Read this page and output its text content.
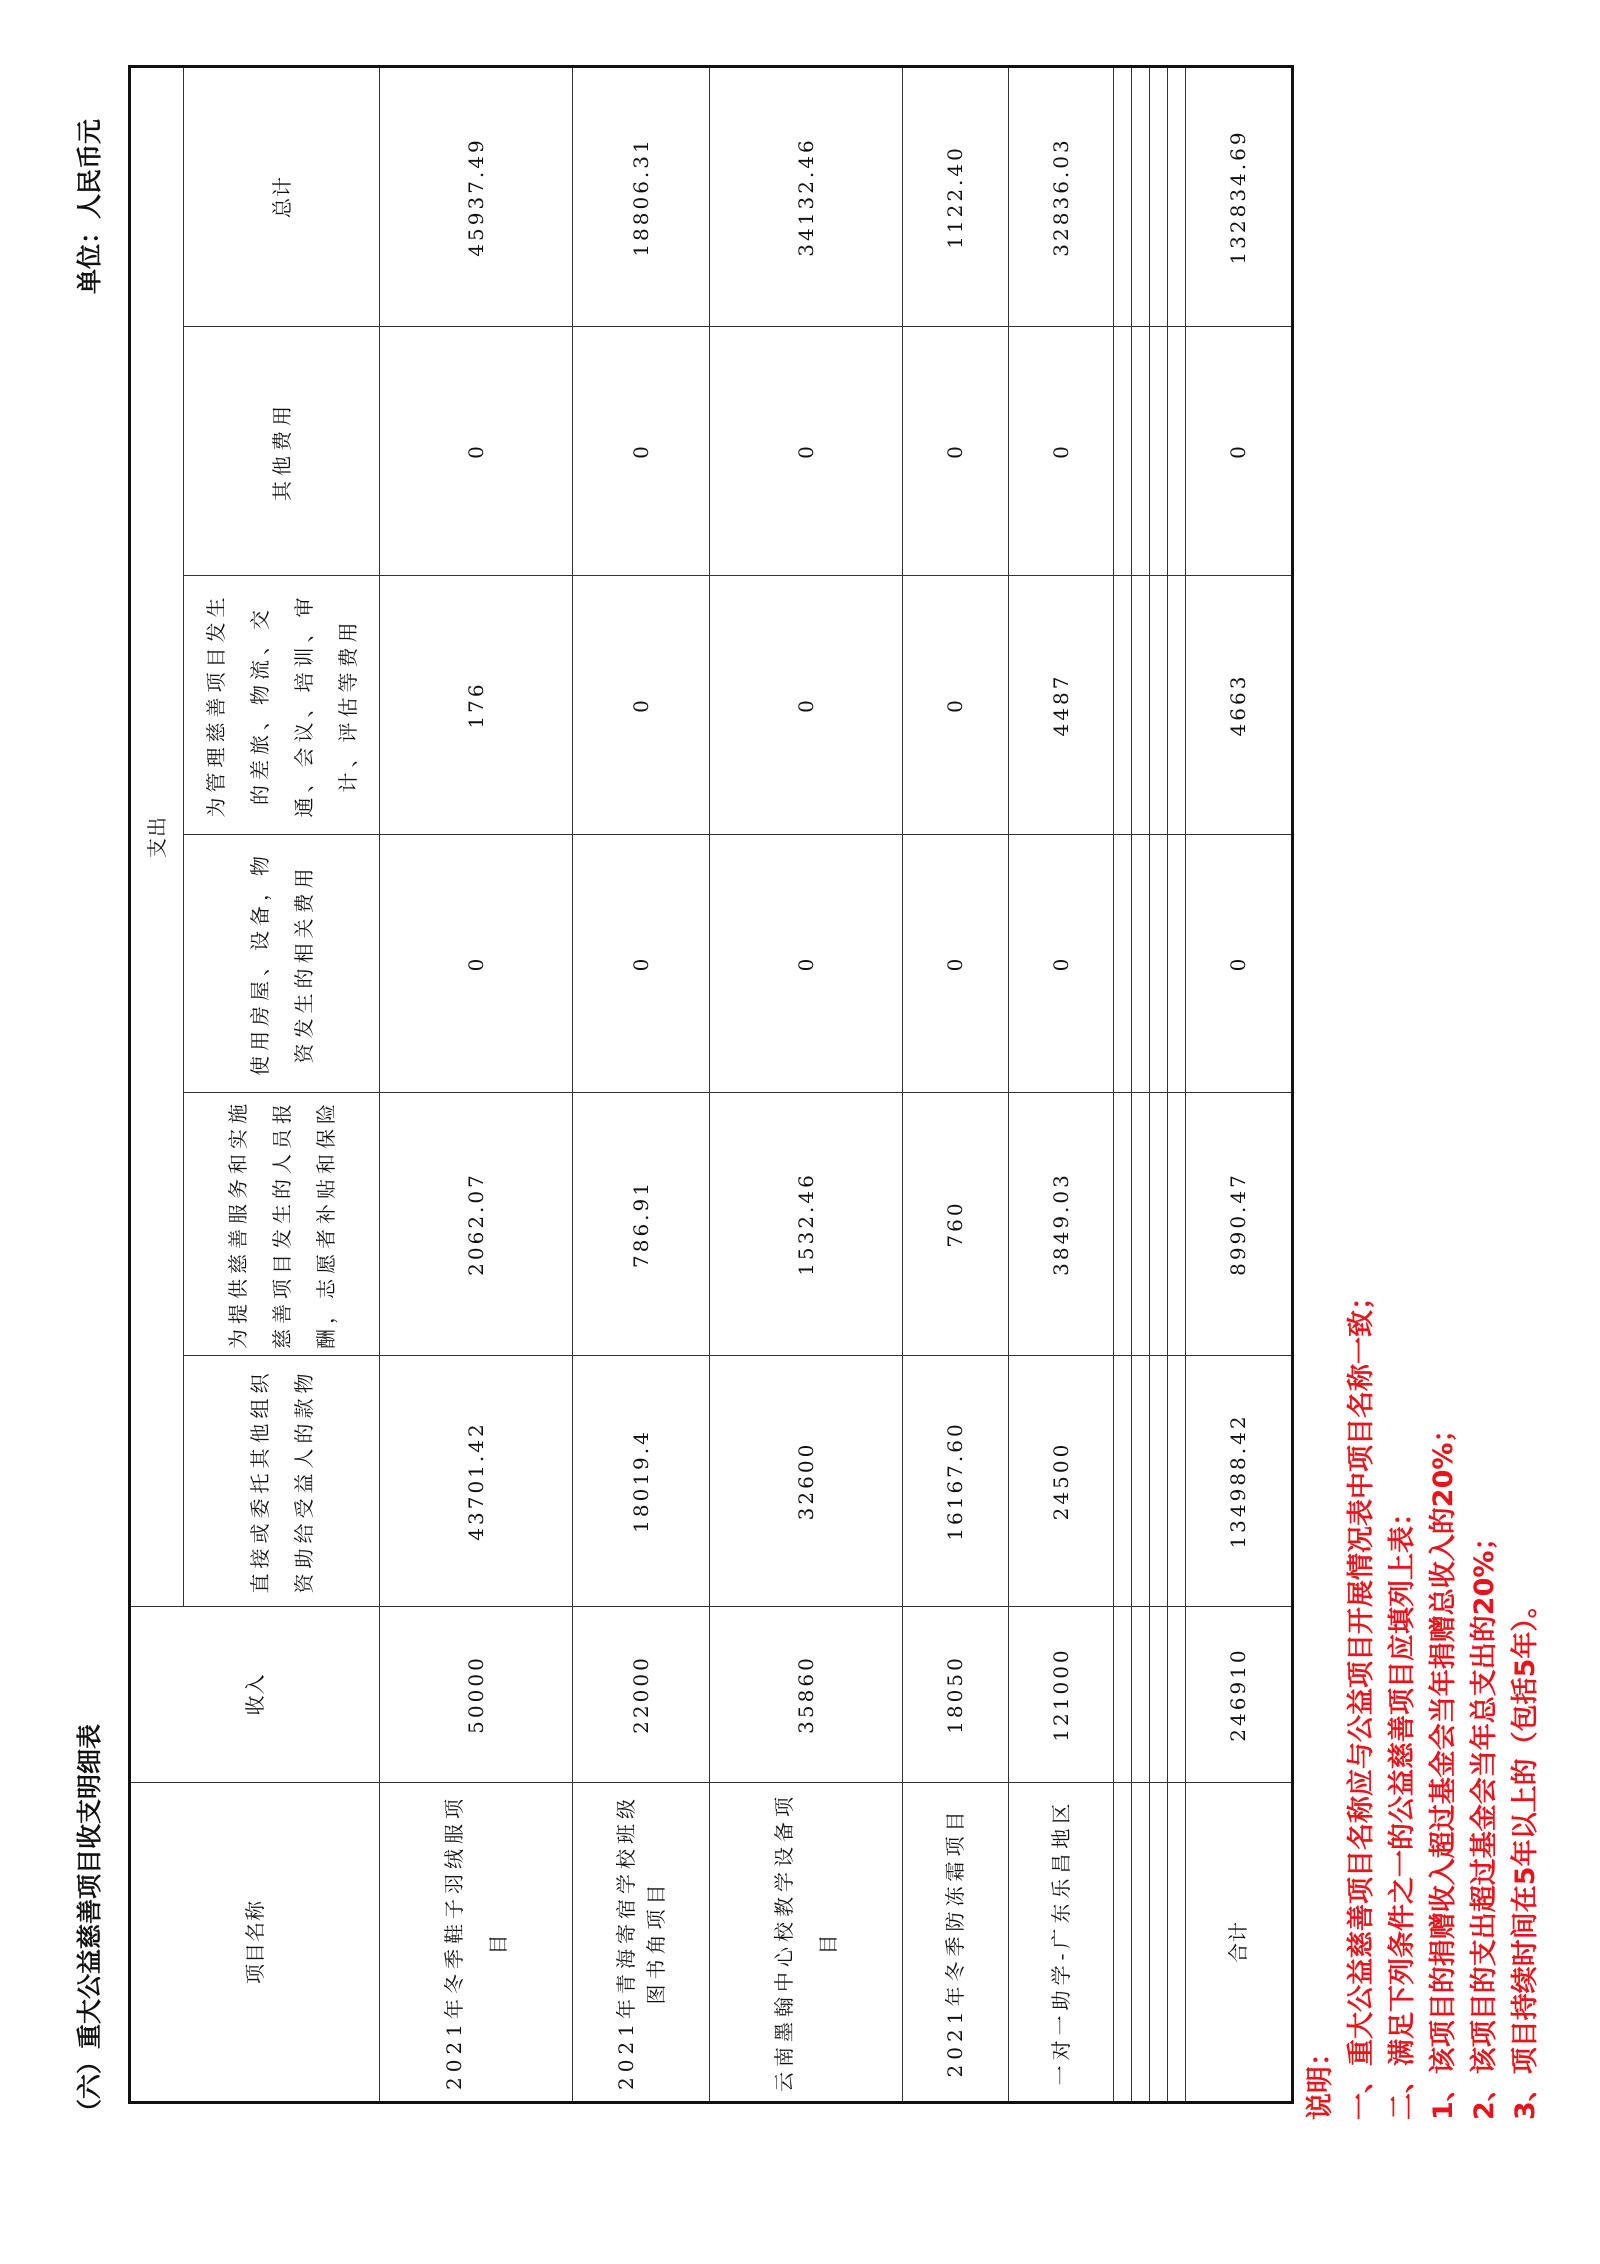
（六）重大公益慈善项目收支明细表
单位：人民币元
项目名称	收入	支出					
		直接或委托其他组织资助给受益人的款物	为提供慈善服务和实施慈善项目发生的人员报酬，志愿者补贴和保险	使用房屋、设备，物资发生的相关费用	为管理慈善项目发生的差旅、物流、交通、会议、培训、审计、评估等费用	其他费用	总计
2021年冬季鞋子羽绒服项目	50000	43701.42	2062.07	0	176	0	45937.49
2021年青海寄宿学校班级图书角项目	22000	18019.4	786.91	0	0	0	18806.31
云南墨翰中心校教学设备项目	35860	32600	1532.46	0	0	0	34132.46
2021年冬季防冻霜项目	18050	16167.60	760	0	0	0	1122.40
一对一助学-广东乐昌地区	121000	24500	3849.03	0	4487	0	32836.03

合计	246910	134988.42	8990.47	0	4663	0	132834.69
说明： 一、重大公益慈善项目名称应与公益项目开展情况表中项目名称一致； 二、满足下列条件之一的公益慈善项目应填列上表： 1、该项目的捐赠收入超过基金会当年捐赠总收入的20%； 2、该项目的支出超过基金会当年总支出的20%； 3、项目持续时间在5年以上的（包括5年）。
